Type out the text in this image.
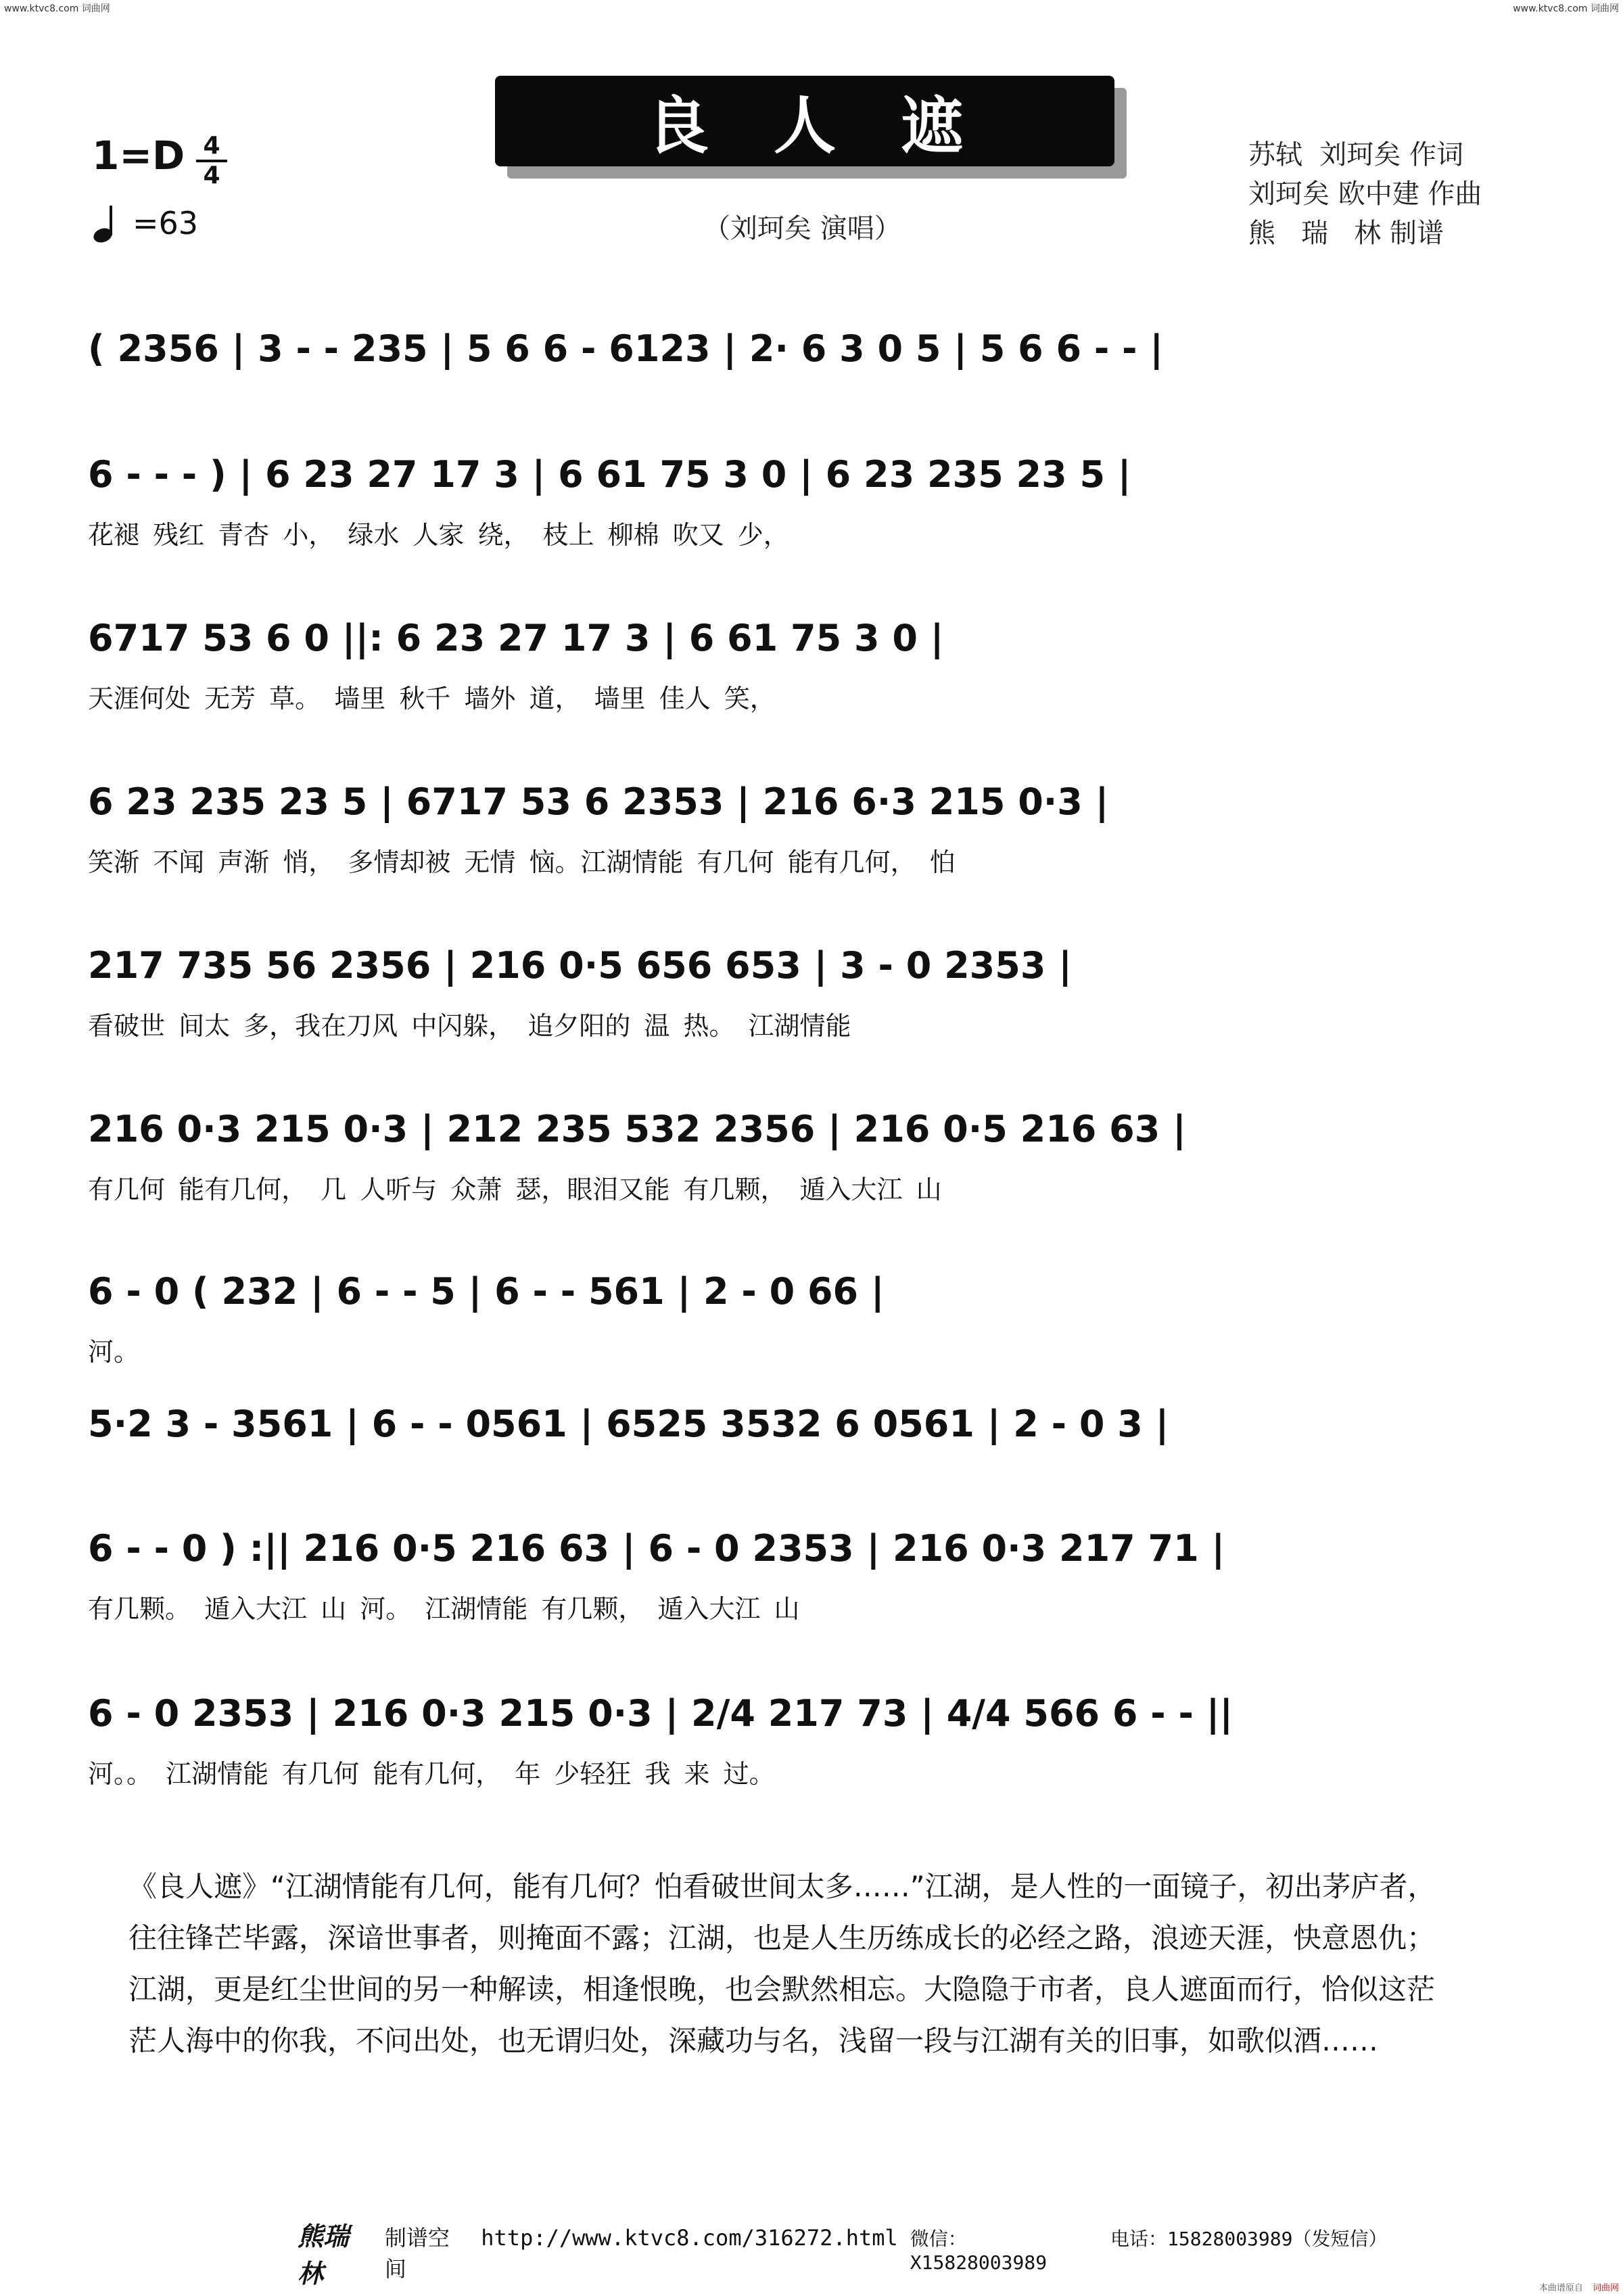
www.ktvc8.com 词曲网	www.ktvc8.com 词曲网
本曲谱原自 词曲网
良人遮
1=D 4
4
=63	（刘珂矣 演唱）
苏轼  刘珂矣 作词
刘珂矣 欧中建 作曲
熊   瑞   林 制谱
( 2356 | 3 - - 235 | 5 6 6 - 6123 | 2· 6 3 0 5 | 5 6 6 - - |
6 - - - ) | 6 23 27 17 3 | 6 61 75 3 0 | 6 23 235 23 5 |
花褪 残红 青杏 小， 绿水 人家 绕， 枝上 柳棉 吹又 少，
6717 53 6 0 ||: 6 23 27 17 3 | 6 61 75 3 0 |
天涯何处 无芳 草。 墙里 秋千 墙外 道， 墙里 佳人 笑，
6 23 235 23 5 | 6717 53 6 2353 | 216 6·3 215 0·3 |
笑渐 不闻 声渐 悄， 多情却被 无情 恼。江湖情能 有几何 能有几何， 怕
217 735 56 2356 | 216 0·5 656 653 | 3 - 0 2353 |
看破世 间太 多，我在刀风 中闪躲， 追夕阳的 温 热。 江湖情能
216 0·3 215 0·3 | 212 235 532 2356 | 216 0·5 216 63 |
有几何 能有几何， 几 人听与 众萧 瑟，眼泪又能 有几颗， 遁入大江 山
6 - 0 ( 232 | 6 - - 5 | 6 - - 561 | 2 - 0 66 |
河。
5·2 3 - 3561 | 6 - - 0561 | 6525 3532 6 0561 | 2 - 0 3 |
6 - - 0 ) :|| 216 0·5 216 63 | 6 - 0 2353 | 216 0·3 217 71 |
有几颗。 遁入大江 山 河。 江湖情能 有几颗， 遁入大江 山
6 - 0 2353 | 216 0·3 215 0·3 | 2/4 217 73 | 4/4 566 6 - - ||
河。。 江湖情能 有几何 能有几何， 年 少轻狂 我 来 过。

《良人遮》“江湖情能有几何，能有几何？怕看破世间太多……”江湖，是人性的一面镜子，初出茅庐者，

往往锋芒毕露，深谙世事者，则掩面不露；江湖，也是人生历练成长的必经之路，浪迹天涯，快意恩仇；

江湖，更是红尘世间的另一种解读，相逢恨晚，也会默然相忘。大隐隐于市者，良人遮面而行，恰似这茫

茫人海中的你我，不问出处，也无谓归处，深藏功与名，浅留一段与江湖有关的旧事，如歌似酒……

熊瑞林
制谱空间
http://www.ktvc8.com/316272.html 微信：X15828003989
电话：15828003989（发短信）
